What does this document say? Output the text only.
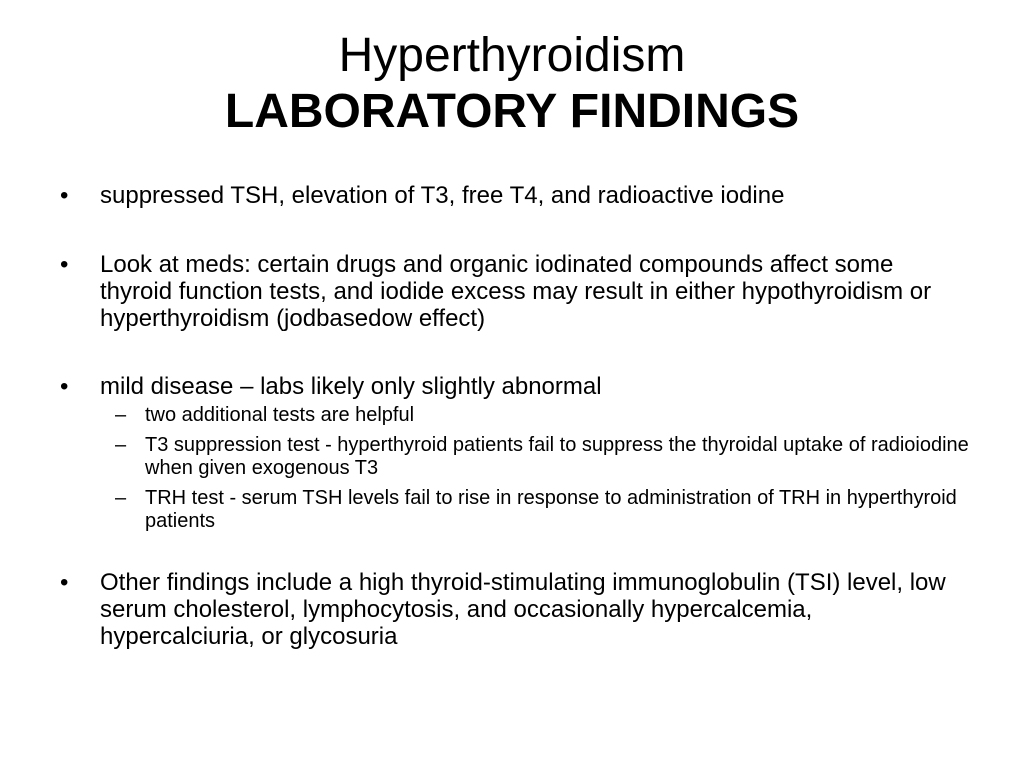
Hyperthyroidism
LABORATORY FINDINGS
•	suppressed TSH, elevation of T3, free T4, and radioactive iodine
•	Look at meds: certain drugs and organic iodinated compounds affect some thyroid function tests, and iodide excess may result in either hypothyroidism or hyperthyroidism (jodbasedow effect)
•	mild disease – labs likely only slightly abnormal
– two additional tests are helpful
– T3 suppression test - hyperthyroid patients fail to suppress the thyroidal uptake of radioiodine when given exogenous T3
– TRH test - serum TSH levels fail to rise in response to administration of TRH in hyperthyroid patients
•	Other findings include a high thyroid-stimulating immunoglobulin (TSI) level, low serum cholesterol, lymphocytosis, and occasionally hypercalcemia, hypercalciuria, or glycosuria
